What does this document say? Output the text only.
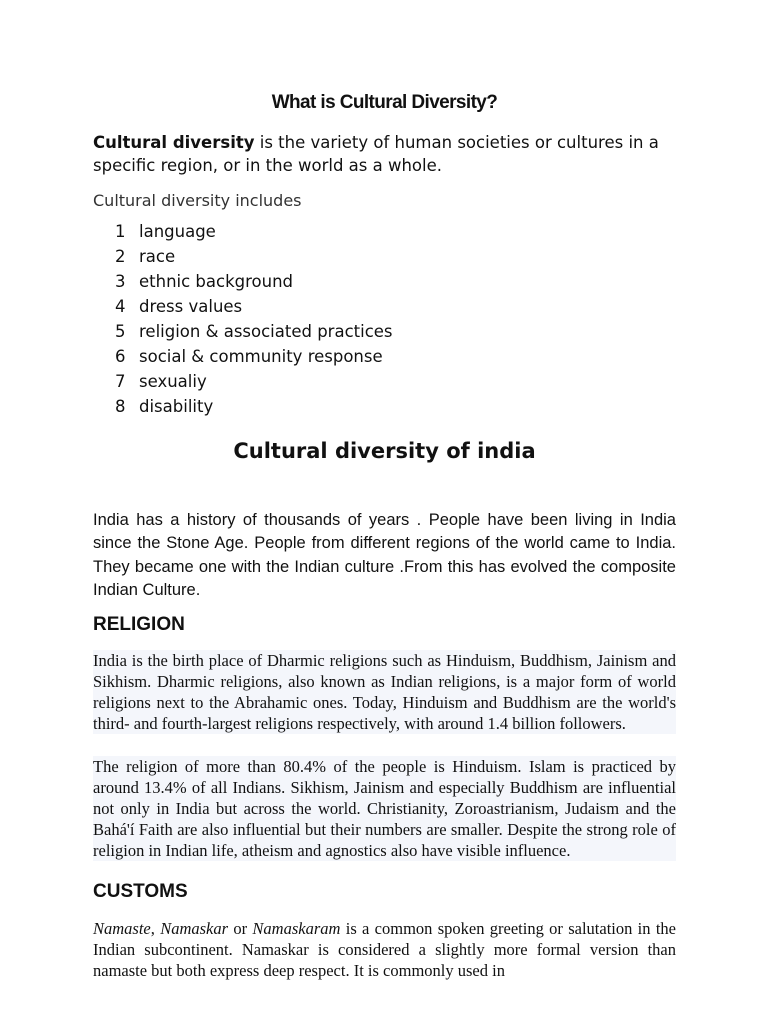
What is Cultural Diversity?

Cultural diversity is the variety of human societies or cultures in a specific region, or in the world as a whole.

Cultural diversity includes

1 language
2 race
3 ethnic background
4 dress values
5 religion & associated practices
6 social & community response
7 sexualiy
8 disability
Cultural diversity of india

India has a history of thousands of years . People have been living in India since the Stone Age. People from different regions of the world came to India. They became one with the Indian culture .From this has evolved the composite Indian Culture.

RELIGION

India is the birth place of Dharmic religions such as Hinduism, Buddhism, Jainism and Sikhism. Dharmic religions, also known as Indian religions, is a major form of world religions next to the Abrahamic ones. Today, Hinduism and Buddhism are the world's third- and fourth-largest religions respectively, with around 1.4 billion followers.

The religion of more than 80.4% of the people is Hinduism. Islam is practiced by around 13.4% of all Indians. Sikhism, Jainism and especially Buddhism are influential not only in India but across the world. Christianity, Zoroastrianism, Judaism and the Bahá'í Faith are also influential but their numbers are smaller. Despite the strong role of religion in Indian life, atheism and agnostics also have visible influence.

CUSTOMS

Namaste, Namaskar or Namaskaram is a common spoken greeting or salutation in the Indian subcontinent. Namaskar is considered a slightly more formal version than namaste but both express deep respect. It is commonly used in
